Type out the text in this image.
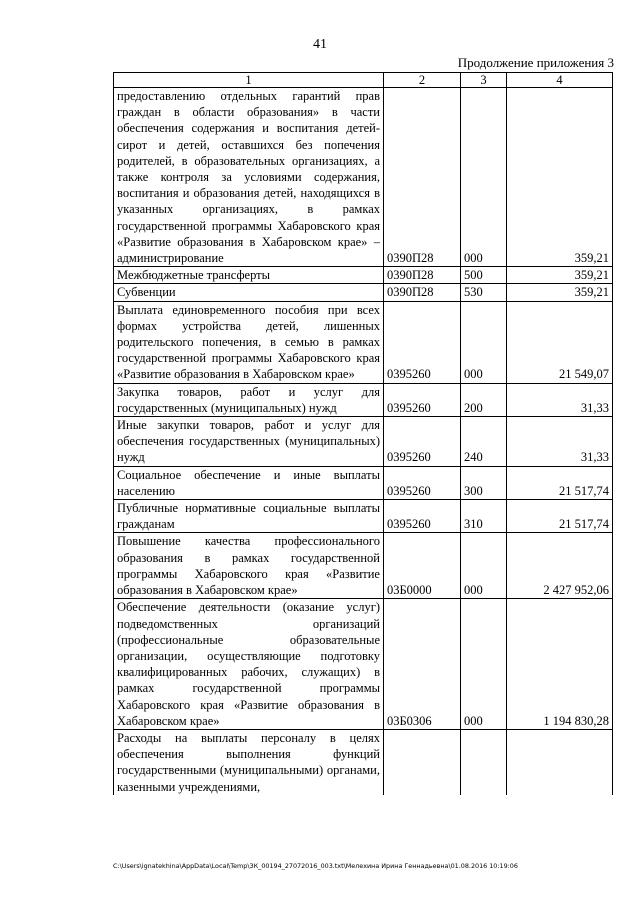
41
Продолжение приложения 3
1	2	3	4
предоставлению отдельных гарантий прав граждан в области образования» в части обеспечения содержания и воспитания детей-сирот и детей, оставшихся без попечения родителей, в образовательных организациях, а также контроля за условиями содержания, воспитания и образования детей, находящихся в указанных организациях, в рамках государственной программы Хабаровского края «Развитие образования в Хабаровском крае» – администрирование	0390П28	000	359,21
Межбюджетные трансферты	0390П28	500	359,21
Субвенции	0390П28	530	359,21
Выплата единовременного пособия при всех формах устройства детей, лишенных родительского попечения, в семью в рамках государственной программы Хабаровского края «Развитие образования в Хабаровском крае»	0395260	000	21 549,07
Закупка товаров, работ и услуг для государственных (муниципальных) нужд	0395260	200	31,33
Иные закупки товаров, работ и услуг для обеспечения государственных (муниципальных) нужд	0395260	240	31,33
Социальное обеспечение и иные выплаты населению	0395260	300	21 517,74
Публичные нормативные социальные выплаты гражданам	0395260	310	21 517,74
Повышение качества профессионального образования в рамках государственной программы Хабаровского края «Развитие образования в Хабаровском крае»	03Б0000	000	2 427 952,06
Обеспечение деятельности (оказание услуг) подведомственных организаций (профессиональные образовательные организации, осуществляющие подготовку квалифицированных рабочих, служащих) в рамках государственной программы Хабаровского края «Развитие образования в Хабаровском крае»	03Б0306	000	1 194 830,28
Расходы на выплаты персоналу в целях обеспечения выполнения функций государственными (муниципальными) органами, казенными учреждениями,			
C:\Users\ignatekhina\AppData\Local\Temp\ЗК_00194_27072016_003.txt\Мелехина Ирина Геннадьевна\01.08.2016 10:19:06
